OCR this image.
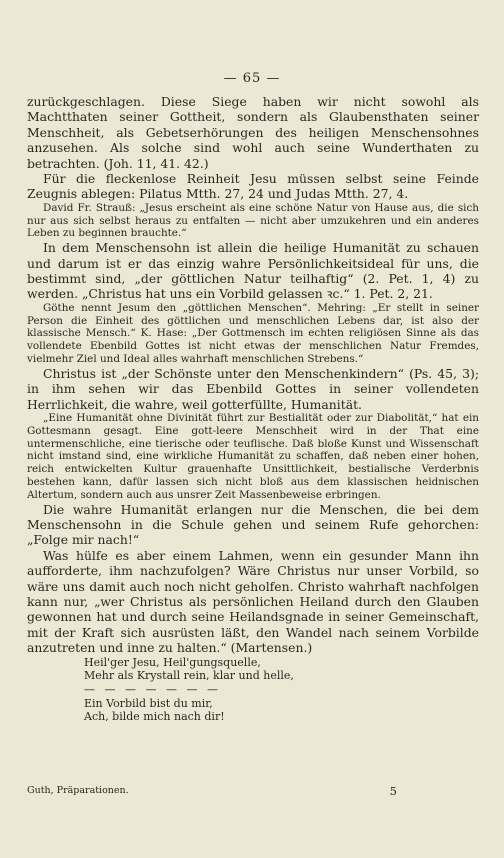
— 65 —

zurückgeschlagen. Diese Siege haben wir nicht sowohl als Machtthaten seiner Gottheit, sondern als Glaubensthaten seiner Menschheit, als Gebetserhörungen des heiligen Menschensohnes anzusehen. Als solche sind wohl auch seine Wunderthaten zu betrachten. (Joh. 11, 41. 42.)

Für die fleckenlose Reinheit Jesu müssen selbst seine Feinde Zeugnis ablegen: Pilatus Mtth. 27, 24 und Judas Mtth. 27, 4.

David Fr. Strauß: „Jesus erscheint als eine schöne Natur von Hause aus, die sich nur aus sich selbst heraus zu entfalten — nicht aber umzukehren und ein anderes Leben zu beginnen brauchte.“

In dem Menschensohn ist allein die heilige Humanität zu schauen und darum ist er das einzig wahre Persönlichkeitsideal für uns, die bestimmt sind, „der göttlichen Natur teilhaftig“ (2. Pet. 1, 4) zu werden. „Christus hat uns ein Vorbild gelassen ꝛc.“ 1. Pet. 2, 21.

Göthe nennt Jesum den „göttlichen Menschen“. Mehring: „Er stellt in seiner Person die Einheit des göttlichen und menschlichen Lebens dar, ist also der klassische Mensch.“ K. Hase: „Der Gottmensch im echten religiösen Sinne als das vollendete Ebenbild Gottes ist nicht etwas der menschlichen Natur Fremdes, vielmehr Ziel und Ideal alles wahrhaft menschlichen Strebens.“

Christus ist „der Schönste unter den Menschenkindern“ (Ps. 45, 3); in ihm sehen wir das Ebenbild Gottes in seiner vollendeten Herrlichkeit, die wahre, weil gotterfüllte, Humanität.

„Eine Humanität ohne Divinität führt zur Bestialität oder zur Diabolität,“ hat ein Gottesmann gesagt. Eine gott-leere Menschheit wird in der That eine untermenschliche, eine tierische oder teuflische. Daß bloße Kunst und Wissenschaft nicht imstand sind, eine wirkliche Humanität zu schaffen, daß neben einer hohen, reich entwickelten Kultur grauenhafte Unsittlichkeit, bestialische Verderbnis bestehen kann, dafür lassen sich nicht bloß aus dem klassischen heidnischen Altertum, sondern auch aus unsrer Zeit Massenbeweise erbringen.

Die wahre Humanität erlangen nur die Menschen, die bei dem Menschensohn in die Schule gehen und seinem Rufe gehorchen: „Folge mir nach!“

Was hülfe es aber einem Lahmen, wenn ein gesunder Mann ihn aufforderte, ihm nachzufolgen? Wäre Christus nur unser Vorbild, so wäre uns damit auch noch nicht geholfen. Christo wahrhaft nachfolgen kann nur, „wer Christus als persönlichen Heiland durch den Glauben gewonnen hat und durch seine Heilandsgnade in seiner Gemeinschaft, mit der Kraft sich ausrüsten läßt, den Wandel nach seinem Vorbilde anzutreten und inne zu halten.“ (Martensen.)

Heil'ger Jesu, Heil'gungsquelle,

Mehr als Krystall rein, klar und helle,

— — — — — — —

Ein Vorbild bist du mir,

Ach, bilde mich nach dir!

Guth, Präparationen.	5
